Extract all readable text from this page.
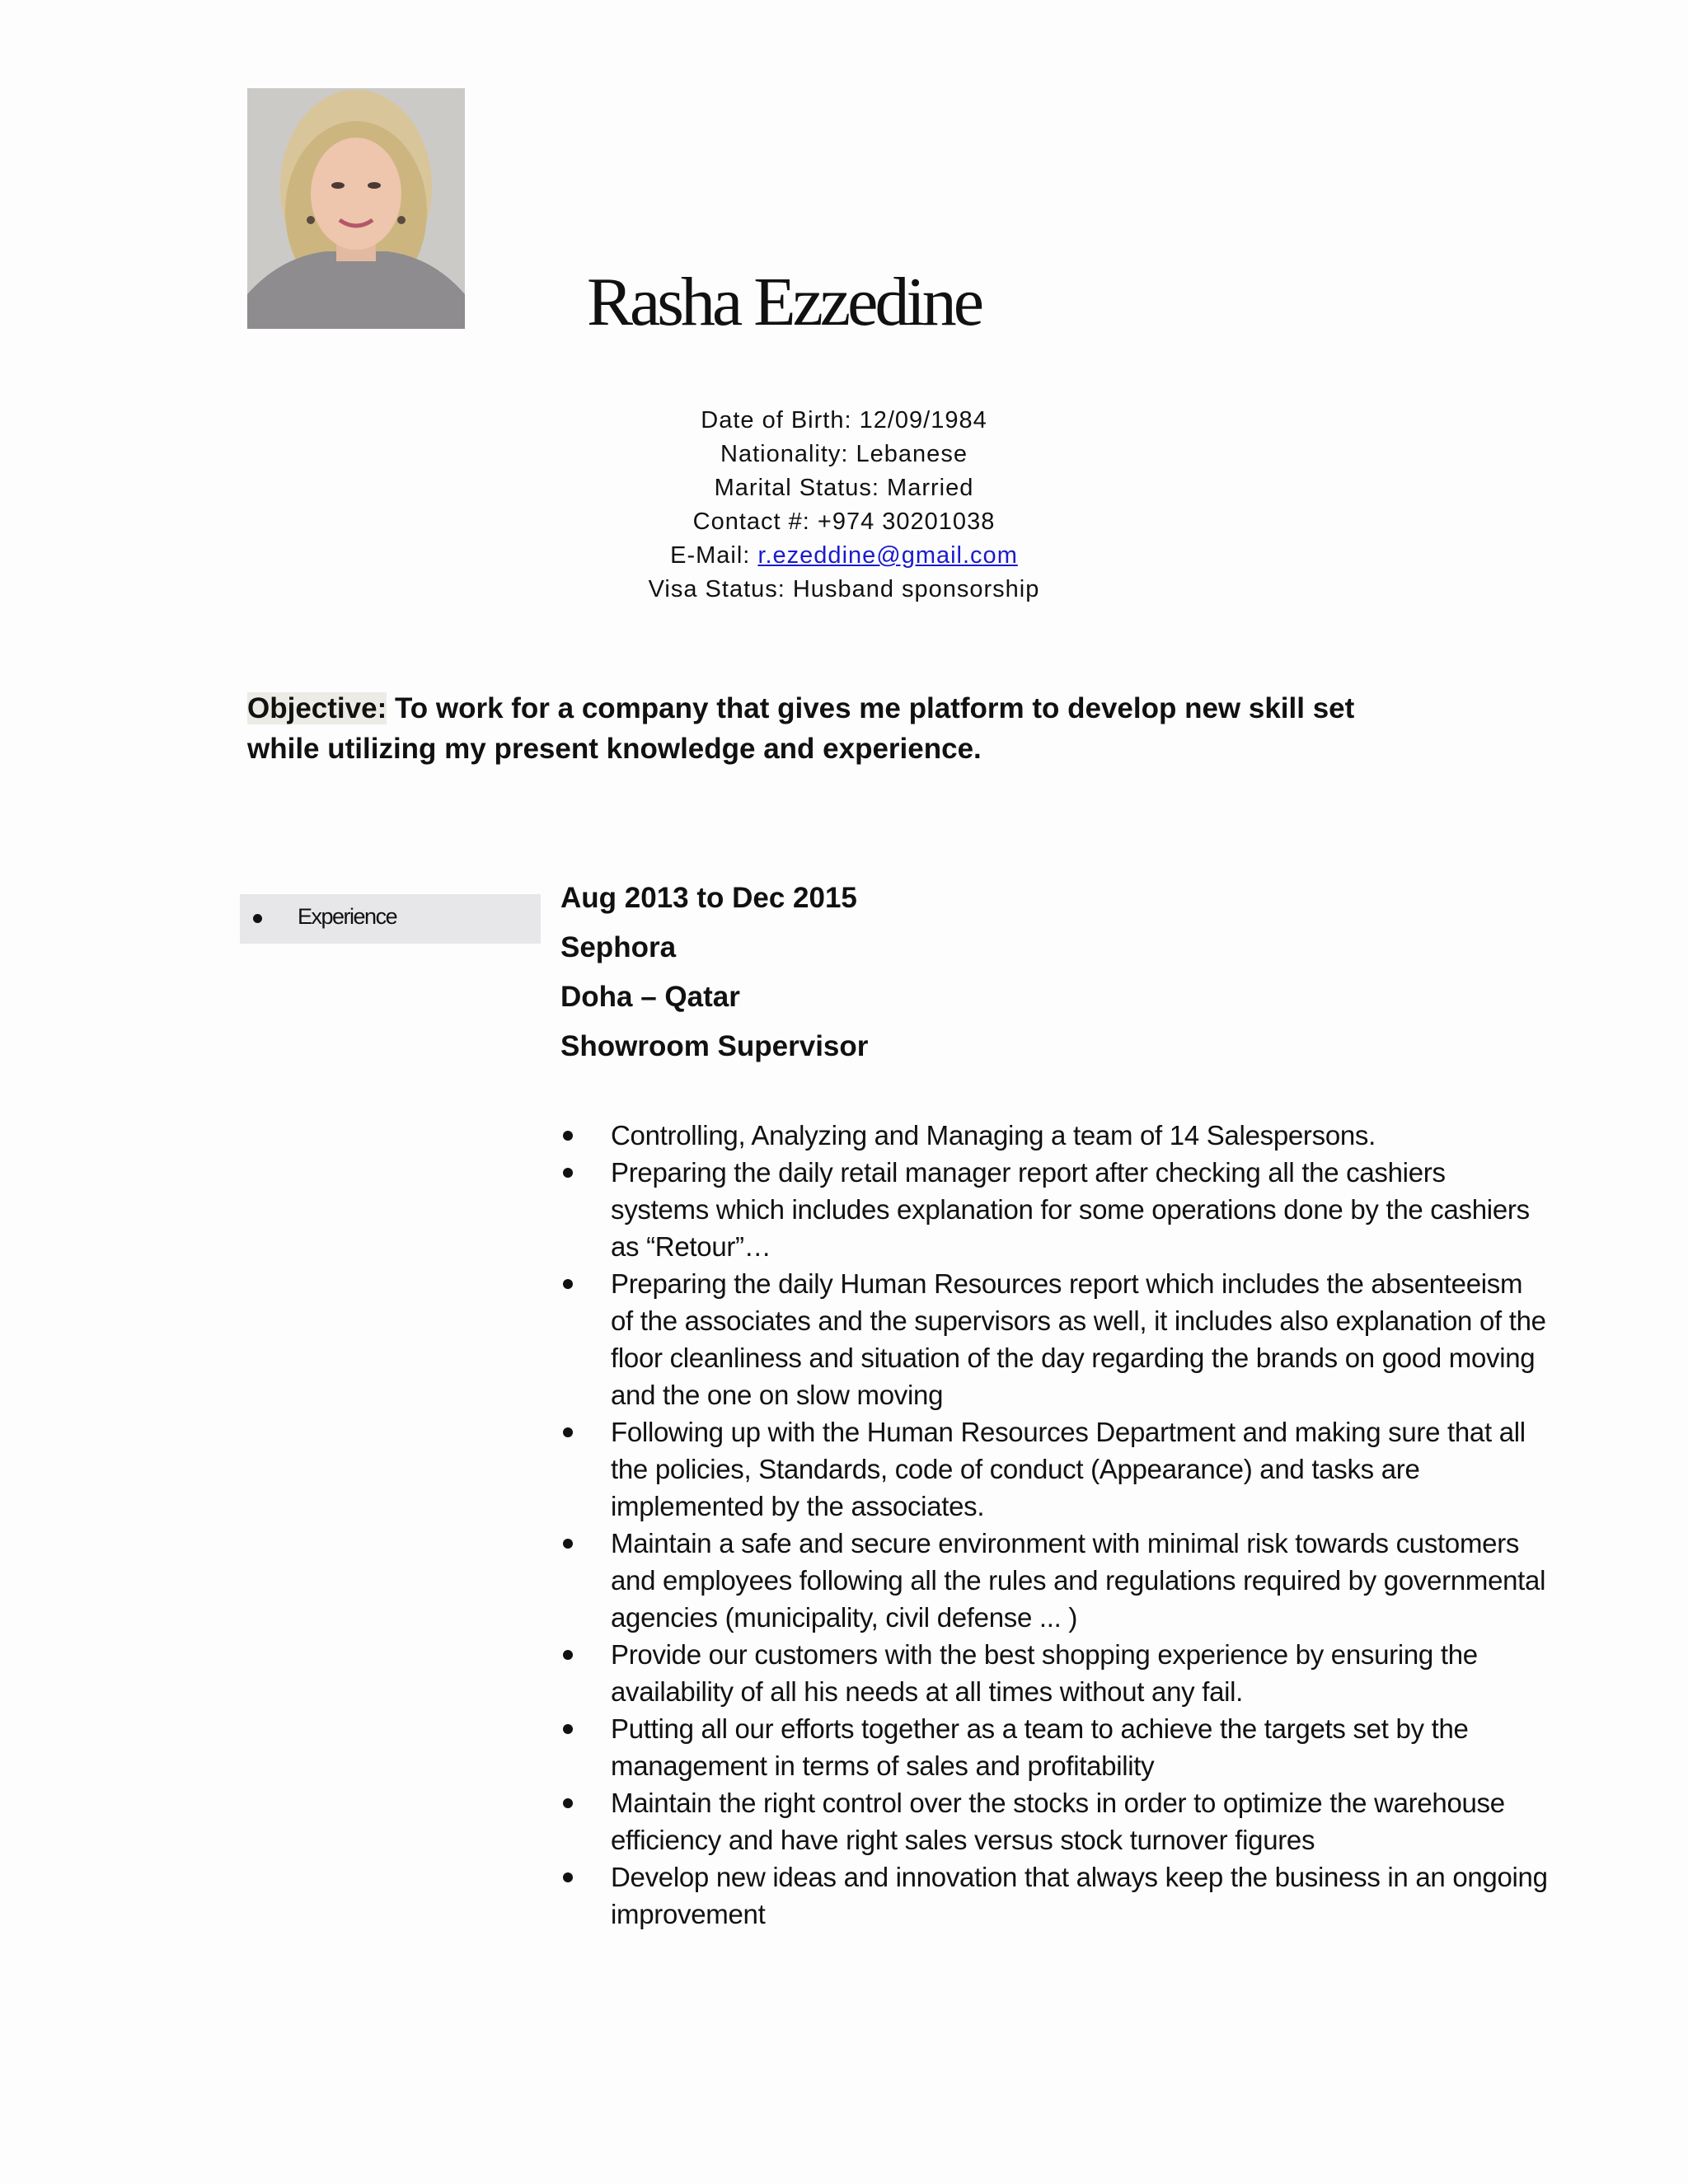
Rasha Ezzedine
Date of Birth: 12/09/1984
Nationality: Lebanese
Marital Status: Married
Contact #: +974 30201038
E-Mail: r.ezeddine@gmail.com
Visa Status: Husband sponsorship
Objective: To work for a company that gives me platform to develop new skill set while utilizing my present knowledge and experience.
Experience
Aug 2013 to Dec 2015
Sephora
Doha – Qatar
Showroom Supervisor
Controlling, Analyzing and Managing a team of 14 Salespersons.
Preparing the daily retail manager report after checking all the cashiers systems which includes explanation for some operations done by the cashiers as “Retour”…
Preparing the daily Human Resources report which includes the absenteeism of the associates and the supervisors as well, it includes also explanation of the floor cleanliness and situation of the day regarding the brands on good moving and the one on slow moving
Following up with the Human Resources Department and making sure that all the policies, Standards, code of conduct (Appearance) and tasks are implemented by the associates.
Maintain a safe and secure environment with minimal risk towards customers and employees following all the rules and regulations required by governmental agencies (municipality, civil defense ... )
Provide our customers with the best shopping experience by ensuring the availability of all his needs at all times without any fail.
Putting all our efforts together as a team to achieve the targets set by the management in terms of sales and profitability
Maintain the right control over the stocks in order to optimize the warehouse efficiency and have right sales versus stock turnover figures
Develop new ideas and innovation that always keep the business in an ongoing improvement
